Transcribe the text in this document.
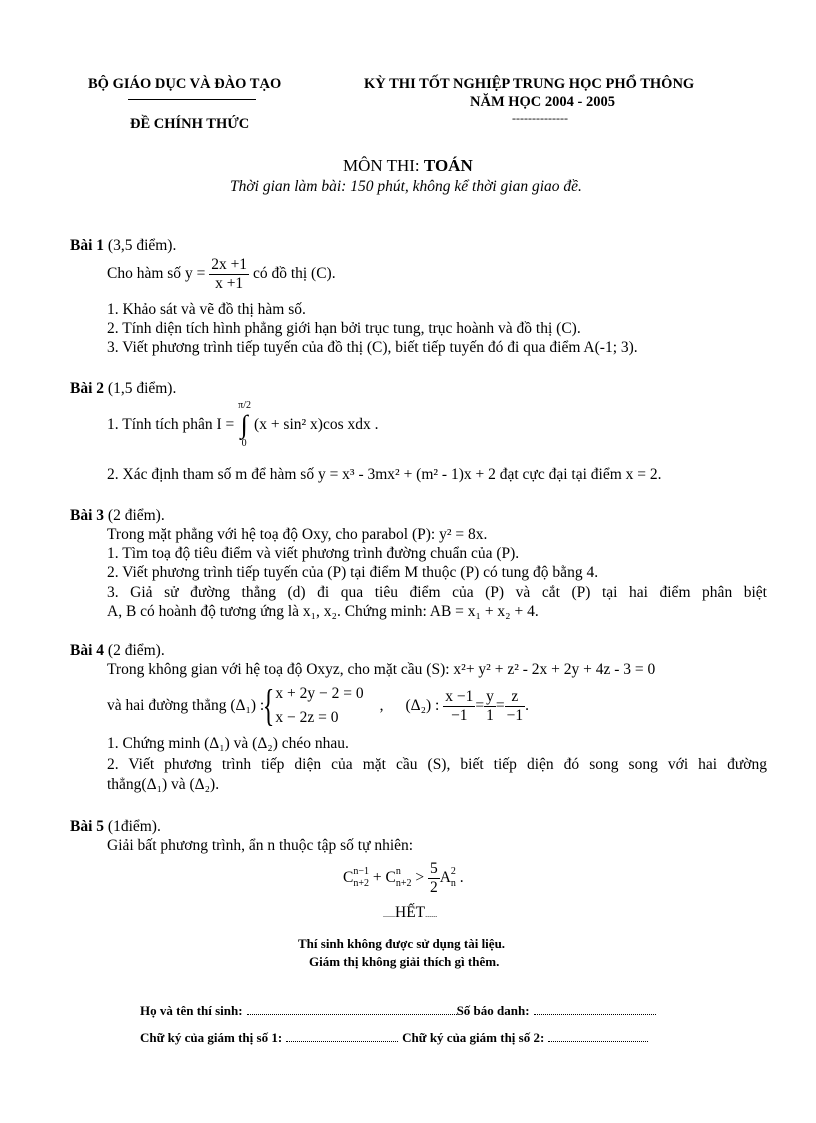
BỘ GIÁO DỤC VÀ ĐÀO TẠO
ĐỀ CHÍNH THỨC
KỲ THI TỐT NGHIỆP TRUNG HỌC PHỔ THÔNG
NĂM HỌC 2004 - 2005
--------------
MÔN THI: TOÁN
Thời gian làm bài: 150 phút, không kể thời gian giao đề.
Bài 1 (3,5 điểm).
Cho hàm số $y = \frac{2x +1}{x +1}$ có đồ thị (C).
1. Khảo sát và vẽ đồ thị hàm số.
2. Tính diện tích hình phẳng giới hạn bởi trục tung, trục hoành và đồ thị (C).
3. Viết phương trình tiếp tuyến của đồ thị (C), biết tiếp tuyến đó đi qua điểm A(-1; 3).
Bài 2 (1,5 điểm).
1. Tính tích phân I =
π/2
∫
0
(x + sin² x)cos xdx .
2. Xác định tham số m để hàm số y = x³ - 3mx² + (m² - 1)x + 2 đạt cực đại tại điểm x = 2.
Bài 3 (2 điểm).
Trong mặt phẳng với hệ toạ độ Oxy, cho parabol (P): y² = 8x.
1. Tìm toạ độ tiêu điểm và viết phương trình đường chuẩn của (P).
2. Viết phương trình tiếp tuyến của (P) tại điểm M thuộc (P) có tung độ bằng 4.
3. Giả sử đường thẳng (d) đi qua tiêu điểm của (P) và cắt (P) tại hai điểm phân biệt
A, B có hoành độ tương ứng là x₁, x₂. Chứng minh: AB = x₁ + x₂ + 4.
Bài 4 (2 điểm).
Trong không gian với hệ toạ độ Oxyz, cho mặt cầu (S): x²+ y² + z² - 2x + 2y + 4z - 3 = 0
và hai đường thẳng (Δ₁) :{ x + 2y − 2 = 0
x − 2z = 0
, (Δ₂) : $\frac{x -1}{-1} = \frac{y}{1} = \frac{z}{-1}$ .
1. Chứng minh (Δ₁) và (Δ₂) chéo nhau.
2. Viết phương trình tiếp diện của mặt cầu (S), biết tiếp diện đó song song với hai đường
thẳng(Δ₁) và (Δ₂).
Bài 5 (1điểm).
Giải bất phương trình, ẩn n thuộc tập số tự nhiên:
C n−1
n+2 + C n
$n+2 > \frac{5}{2}$ A 2
n .
......HẾT......
Thí sinh không được sử dụng tài liệu.
Giám thị không giải thích gì thêm.
Họ và tên thí sinh:	Số báo danh:
Chữ ký của giám thị số 1:	Chữ ký của giám thị số 2:
